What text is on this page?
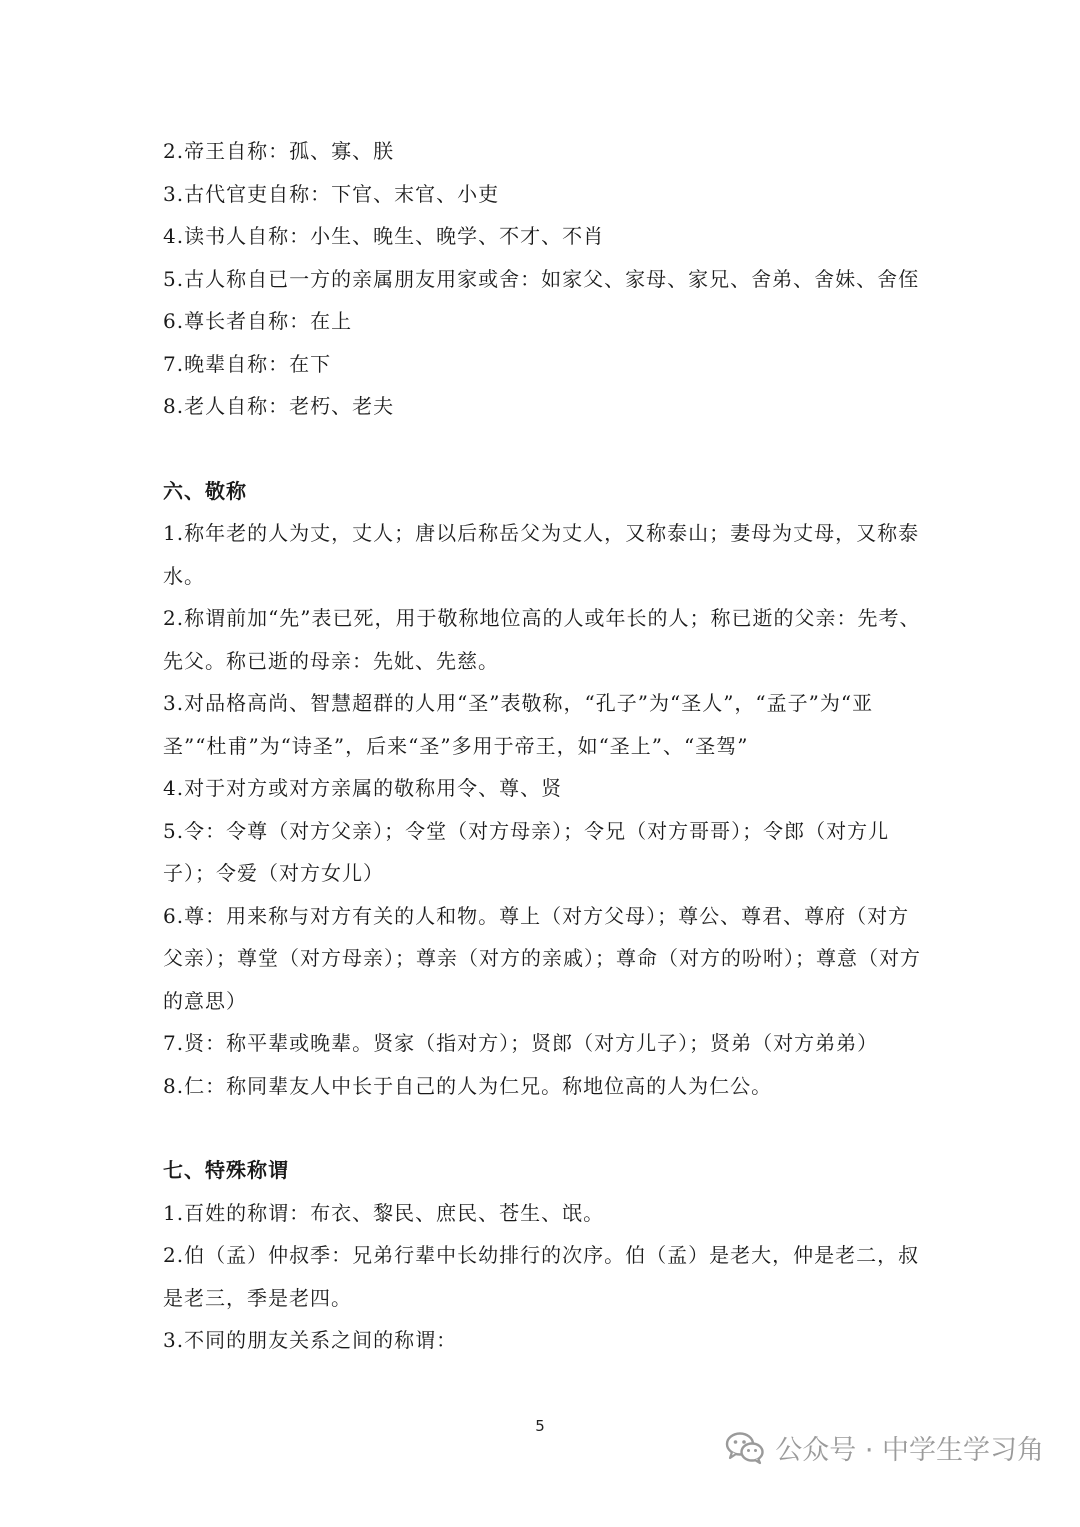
2.帝王自称：孤、寡、朕
3.古代官吏自称：下官、末官、小吏
4.读书人自称：小生、晚生、晚学、不才、不肖
5.古人称自已一方的亲属朋友用家或舍：如家父、家母、家兄、舍弟、舍妹、舍侄
6.尊长者自称：在上
7.晚辈自称：在下
8.老人自称：老朽、老夫
六、敬称
1.称年老的人为丈，丈人；唐以后称岳父为丈人，又称泰山；妻母为丈母，又称泰水。
2.称谓前加“先”表已死，用于敬称地位高的人或年长的人；称已逝的父亲：先考、先父。称已逝的母亲：先妣、先慈。
3.对品格高尚、智慧超群的人用“圣”表敬称，“孔子”为“圣人”，“孟子”为“亚圣”“杜甫”为“诗圣”，后来“圣”多用于帝王，如“圣上”、“圣驾”
4.对于对方或对方亲属的敬称用令、尊、贤
5.令：令尊（对方父亲）；令堂（对方母亲）；令兄（对方哥哥）；令郎（对方儿子）；令爱（对方女儿）
6.尊：用来称与对方有关的人和物。尊上（对方父母）；尊公、尊君、尊府（对方父亲）；尊堂（对方母亲）；尊亲（对方的亲戚）；尊命（对方的吩咐）；尊意（对方的意思）
7.贤：称平辈或晚辈。贤家（指对方）；贤郎（对方儿子）；贤弟（对方弟弟）
8.仁：称同辈友人中长于自己的人为仁兄。称地位高的人为仁公。
七、特殊称谓
1.百姓的称谓：布衣、黎民、庶民、苍生、氓。
2.伯（孟）仲叔季：兄弟行辈中长幼排行的次序。伯（孟）是老大，仲是老二，叔是老三，季是老四。
3.不同的朋友关系之间的称谓：
5
公众号 · 中学生学习角
